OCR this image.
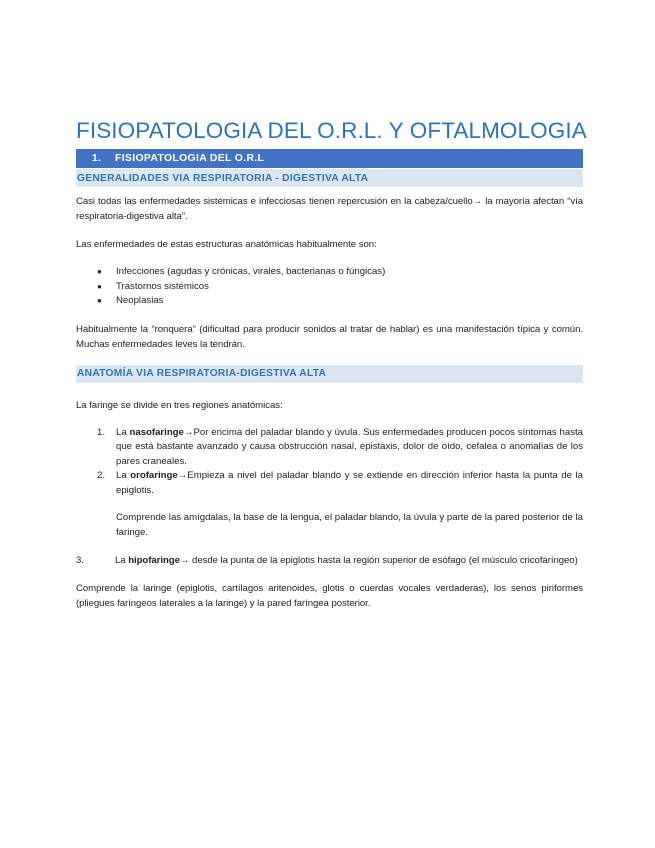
FISIOPATOLOGIA DEL O.R.L. Y OFTALMOLOGIA
1.	FISIOPATOLOGIA DEL O.R.L
GENERALIDADES VIA RESPIRATORIA - DIGESTIVA ALTA

Casi todas las enfermedades sistémicas e infecciosas tienen repercusión en la cabeza/cuello→ la mayoría afectan “vía respiratoria-digestiva alta”.

Las enfermedades de estas estructuras anatómicas habitualmente son:

● Infecciones (agudas y crónicas, virales, bacterianas o fúngicas)
● Trastornos sistémicos
● Neoplasias

Habitualmente la “ronquera” (dificultad para producir sonidos al tratar de hablar) es una manifestación típica y común. Muchas enfermedades leves la tendrán.

ANATOMÍA VIA RESPIRATORIA-DIGESTIVA ALTA

La faringe se divide en tres regiones anatómicas:

1. La nasofaringe→Por encima del paladar blando y úvula. Sus enfermedades producen pocos síntomas hasta que está bastante avanzado y causa obstrucción nasal, epistaxis, dolor de oído, cefalea o anomalías de los pares craneales.
2. La orofaringe→Empieza a nivel del paladar blando y se extiende en dirección inferior hasta la punta de la epiglotis.

Comprende las amígdalas, la base de la lengua, el paladar blando, la úvula y parte de la pared posterior de la faringe.

3.	La hipofaringe→ desde la punta de la epiglotis hasta la región superior de esófago (el músculo cricofaríngeo)

Comprende la laringe (epiglotis, cartílagos aritenoides, glotis o cuerdas vocales verdaderas), los senos piriformes (pliegues faríngeos laterales a la laringe) y la pared faríngea posterior.
